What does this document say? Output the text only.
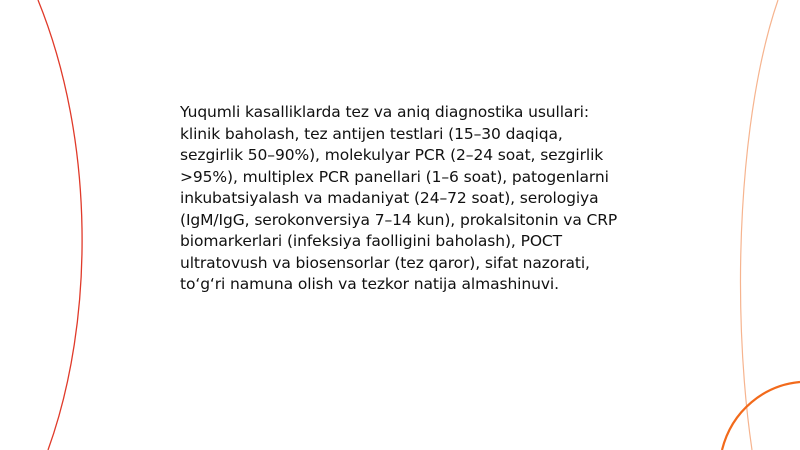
Yuqumli kasalliklarda tez va aniq diagnostika usullari: klinik baholash, tez antijen testlari (15–30 daqiqa, sezgirlik 50–90%), molekulyar PCR (2–24 soat, sezgirlik >95%), multiplex PCR panellari (1–6 soat), patogenlarni inkubatsiyalash va madaniyat (24–72 soat), serologiya (IgM/IgG, serokonversiya 7–14 kun), prokalsitonin va CRP biomarkerlari (infeksiya faolligini baholash), POCT ultratovush va biosensorlar (tez qaror), sifat nazorati, to‘g‘ri namuna olish va tezkor natija almashinuvi.
